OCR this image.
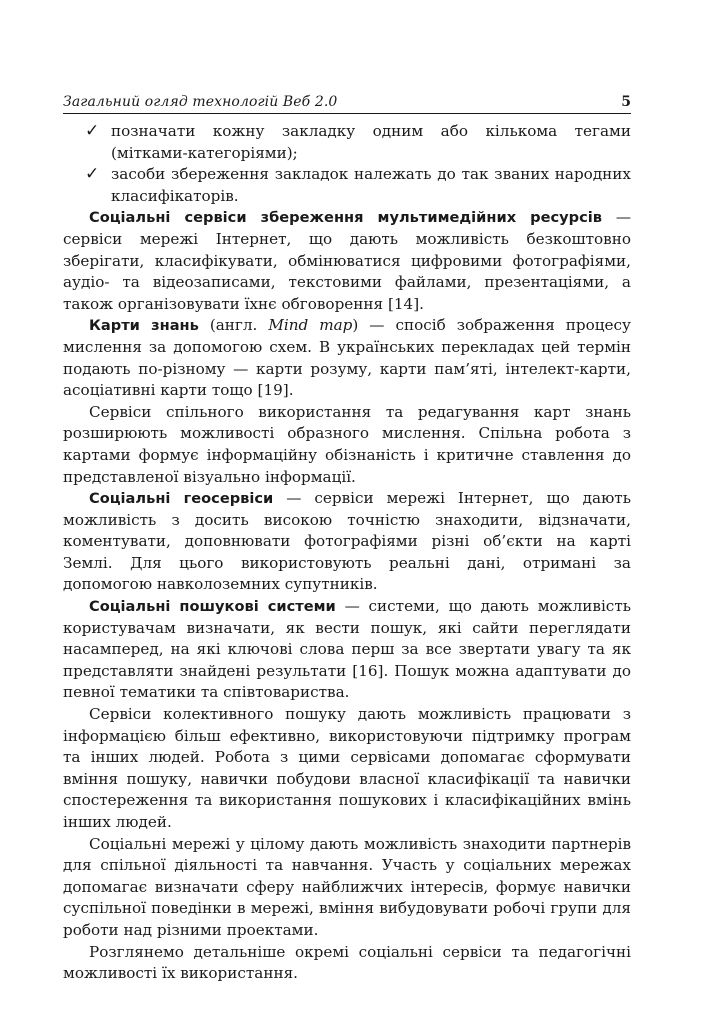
Загальний огляд технологій Веб 2.0	5

✓ позначати кожну закладку одним або кількома тегами (мітками-категоріями);

✓ засоби збереження закладок належать до так званих народних класифікаторів.

Соціальні сервіси збереження мультимедійних ресурсів — сервіси мережі Інтернет, що дають можливість безкоштовно зберігати, класифікувати, обмінюватися цифровими фотографіями, аудіо- та відеозаписами, текстовими файлами, презентаціями, а також організовувати їхнє обговорення [14].

Карти знань (англ. Mind map) — спосіб зображення процесу мислення за допомогою схем. В українських перекладах цей термін подають по-різному — карти розуму, карти пам’яті, інтелект-карти, асоціативні карти тощо [19].

Сервіси спільного використання та редагування карт знань розширюють можливості образного мислення. Спільна робота з картами формує інформаційну обізнаність і критичне ставлення до представленої візуально інформації.

Соціальні геосервіси — сервіси мережі Інтернет, що дають можливість з досить високою точністю знаходити, відзначати, коментувати, доповнювати фотографіями різні об’єкти на карті Землі. Для цього використовують реальні дані, отримані за допомогою навколоземних супутників.

Соціальні пошукові системи — системи, що дають можливість користувачам визначати, як вести пошук, які сайти переглядати насамперед, на які ключові слова перш за все звертати увагу та як представляти знайдені результати [16]. Пошук можна адаптувати до певної тематики та співтовариства.

Сервіси колективного пошуку дають можливість працювати з інформацією більш ефективно, використовуючи підтримку програм та інших людей. Робота з цими сервісами допомагає сформувати вміння пошуку, навички побудови власної класифікації та навички спостереження та використання пошукових і класифікаційних вмінь інших людей.

Соціальні мережі у цілому дають можливість знаходити партнерів для спільної діяльності та навчання. Участь у соціальних мережах допомагає визначати сферу найближчих інтересів, формує навички суспільної поведінки в мережі, вміння вибудовувати робочі групи для роботи над різними проектами.

Розглянемо детальніше окремі соціальні сервіси та педагогічні можливості їх використання.
